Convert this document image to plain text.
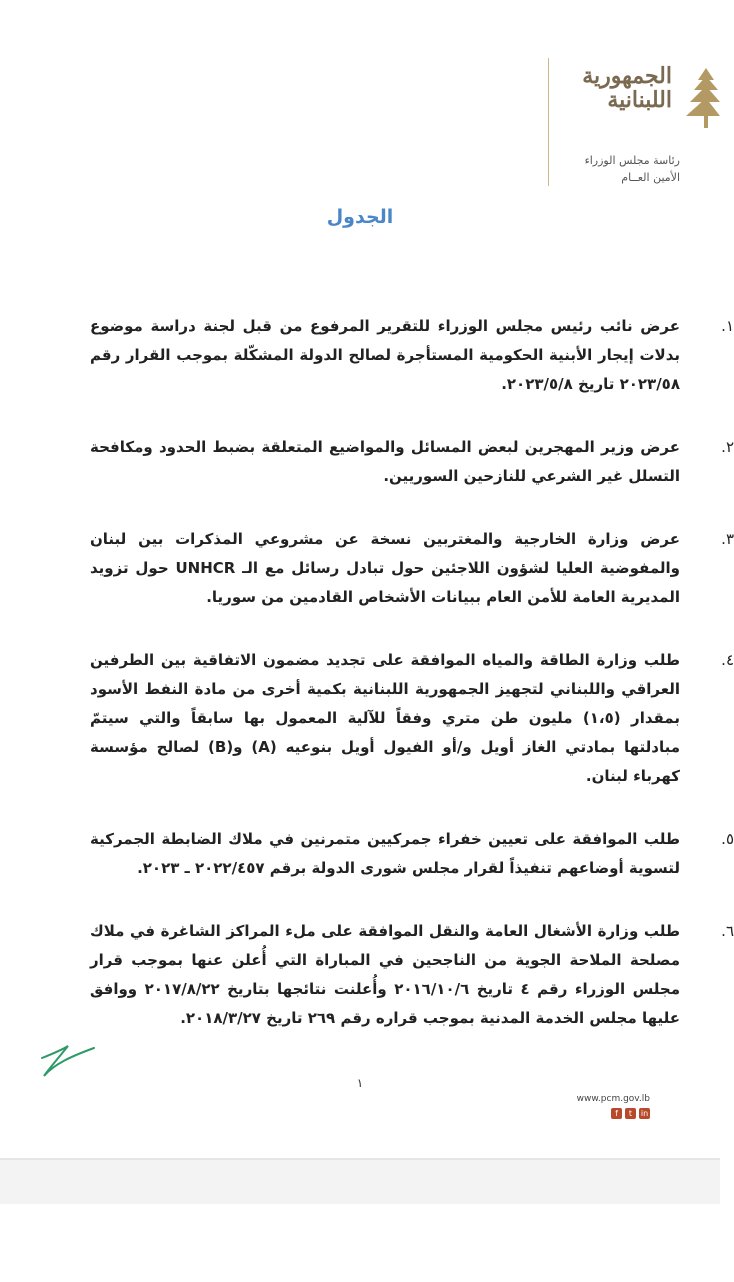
الجمهورية اللبنانية
رئاسة مجلس الوزراء
الأمين العــام
الجدول
١.
عرض نائب رئيس مجلس الوزراء للتقرير المرفوع من قبل لجنة دراسة موضوع بدلات إيجار الأبنية الحكومية المستأجرة لصالح الدولة المشكّلة بموجب القرار رقم ٢٠٢٣/٥٨ تاريخ ٢٠٢٣/٥/٨.
٢.
عرض وزير المهجرين لبعض المسائل والمواضيع المتعلقة بضبط الحدود ومكافحة التسلل غير الشرعي للنازحين السوريين.
٣.
عرض وزارة الخارجية والمغتربين نسخة عن مشروعي المذكرات بين لبنان والمفوضية العليا لشؤون اللاجئين حول تبادل رسائل مع الـ UNHCR حول تزويد المديرية العامة للأمن العام ببيانات الأشخاص القادمين من سوريا.
٤.
طلب وزارة الطاقة والمياه الموافقة على تجديد مضمون الاتفاقية بين الطرفين العراقي واللبناني لتجهيز الجمهورية اللبنانية بكمية أخرى من مادة النفط الأسود بمقدار (١،٥) مليون طن متري وفقاً للآلية المعمول بها سابقاً والتي سيتمّ مبادلتها بمادتي الغاز أويل و/أو الفيول أويل بنوعيه (A) و(B) لصالح مؤسسة كهرباء لبنان.
٥.
طلب الموافقة على تعيين خفراء جمركيين متمرنين في ملاك الضابطة الجمركية لتسوية أوضاعهم تنفيذاً لقرار مجلس شورى الدولة برقم ٢٠٢٢/٤٥٧ ـ ٢٠٢٣.
٦.
طلب وزارة الأشغال العامة والنقل الموافقة على ملء المراكز الشاغرة في ملاك مصلحة الملاحة الجوية من الناجحين في المباراة التي أُعلن عنها بموجب قرار مجلس الوزراء رقم ٤ تاريخ ٢٠١٦/١٠/٦ وأُعلنت نتائجها بتاريخ ٢٠١٧/٨/٢٢ ووافق عليها مجلس الخدمة المدنية بموجب قراره رقم ٢٦٩ تاريخ ٢٠١٨/٣/٢٧.
١
www.pcm.gov.lb
f t in
